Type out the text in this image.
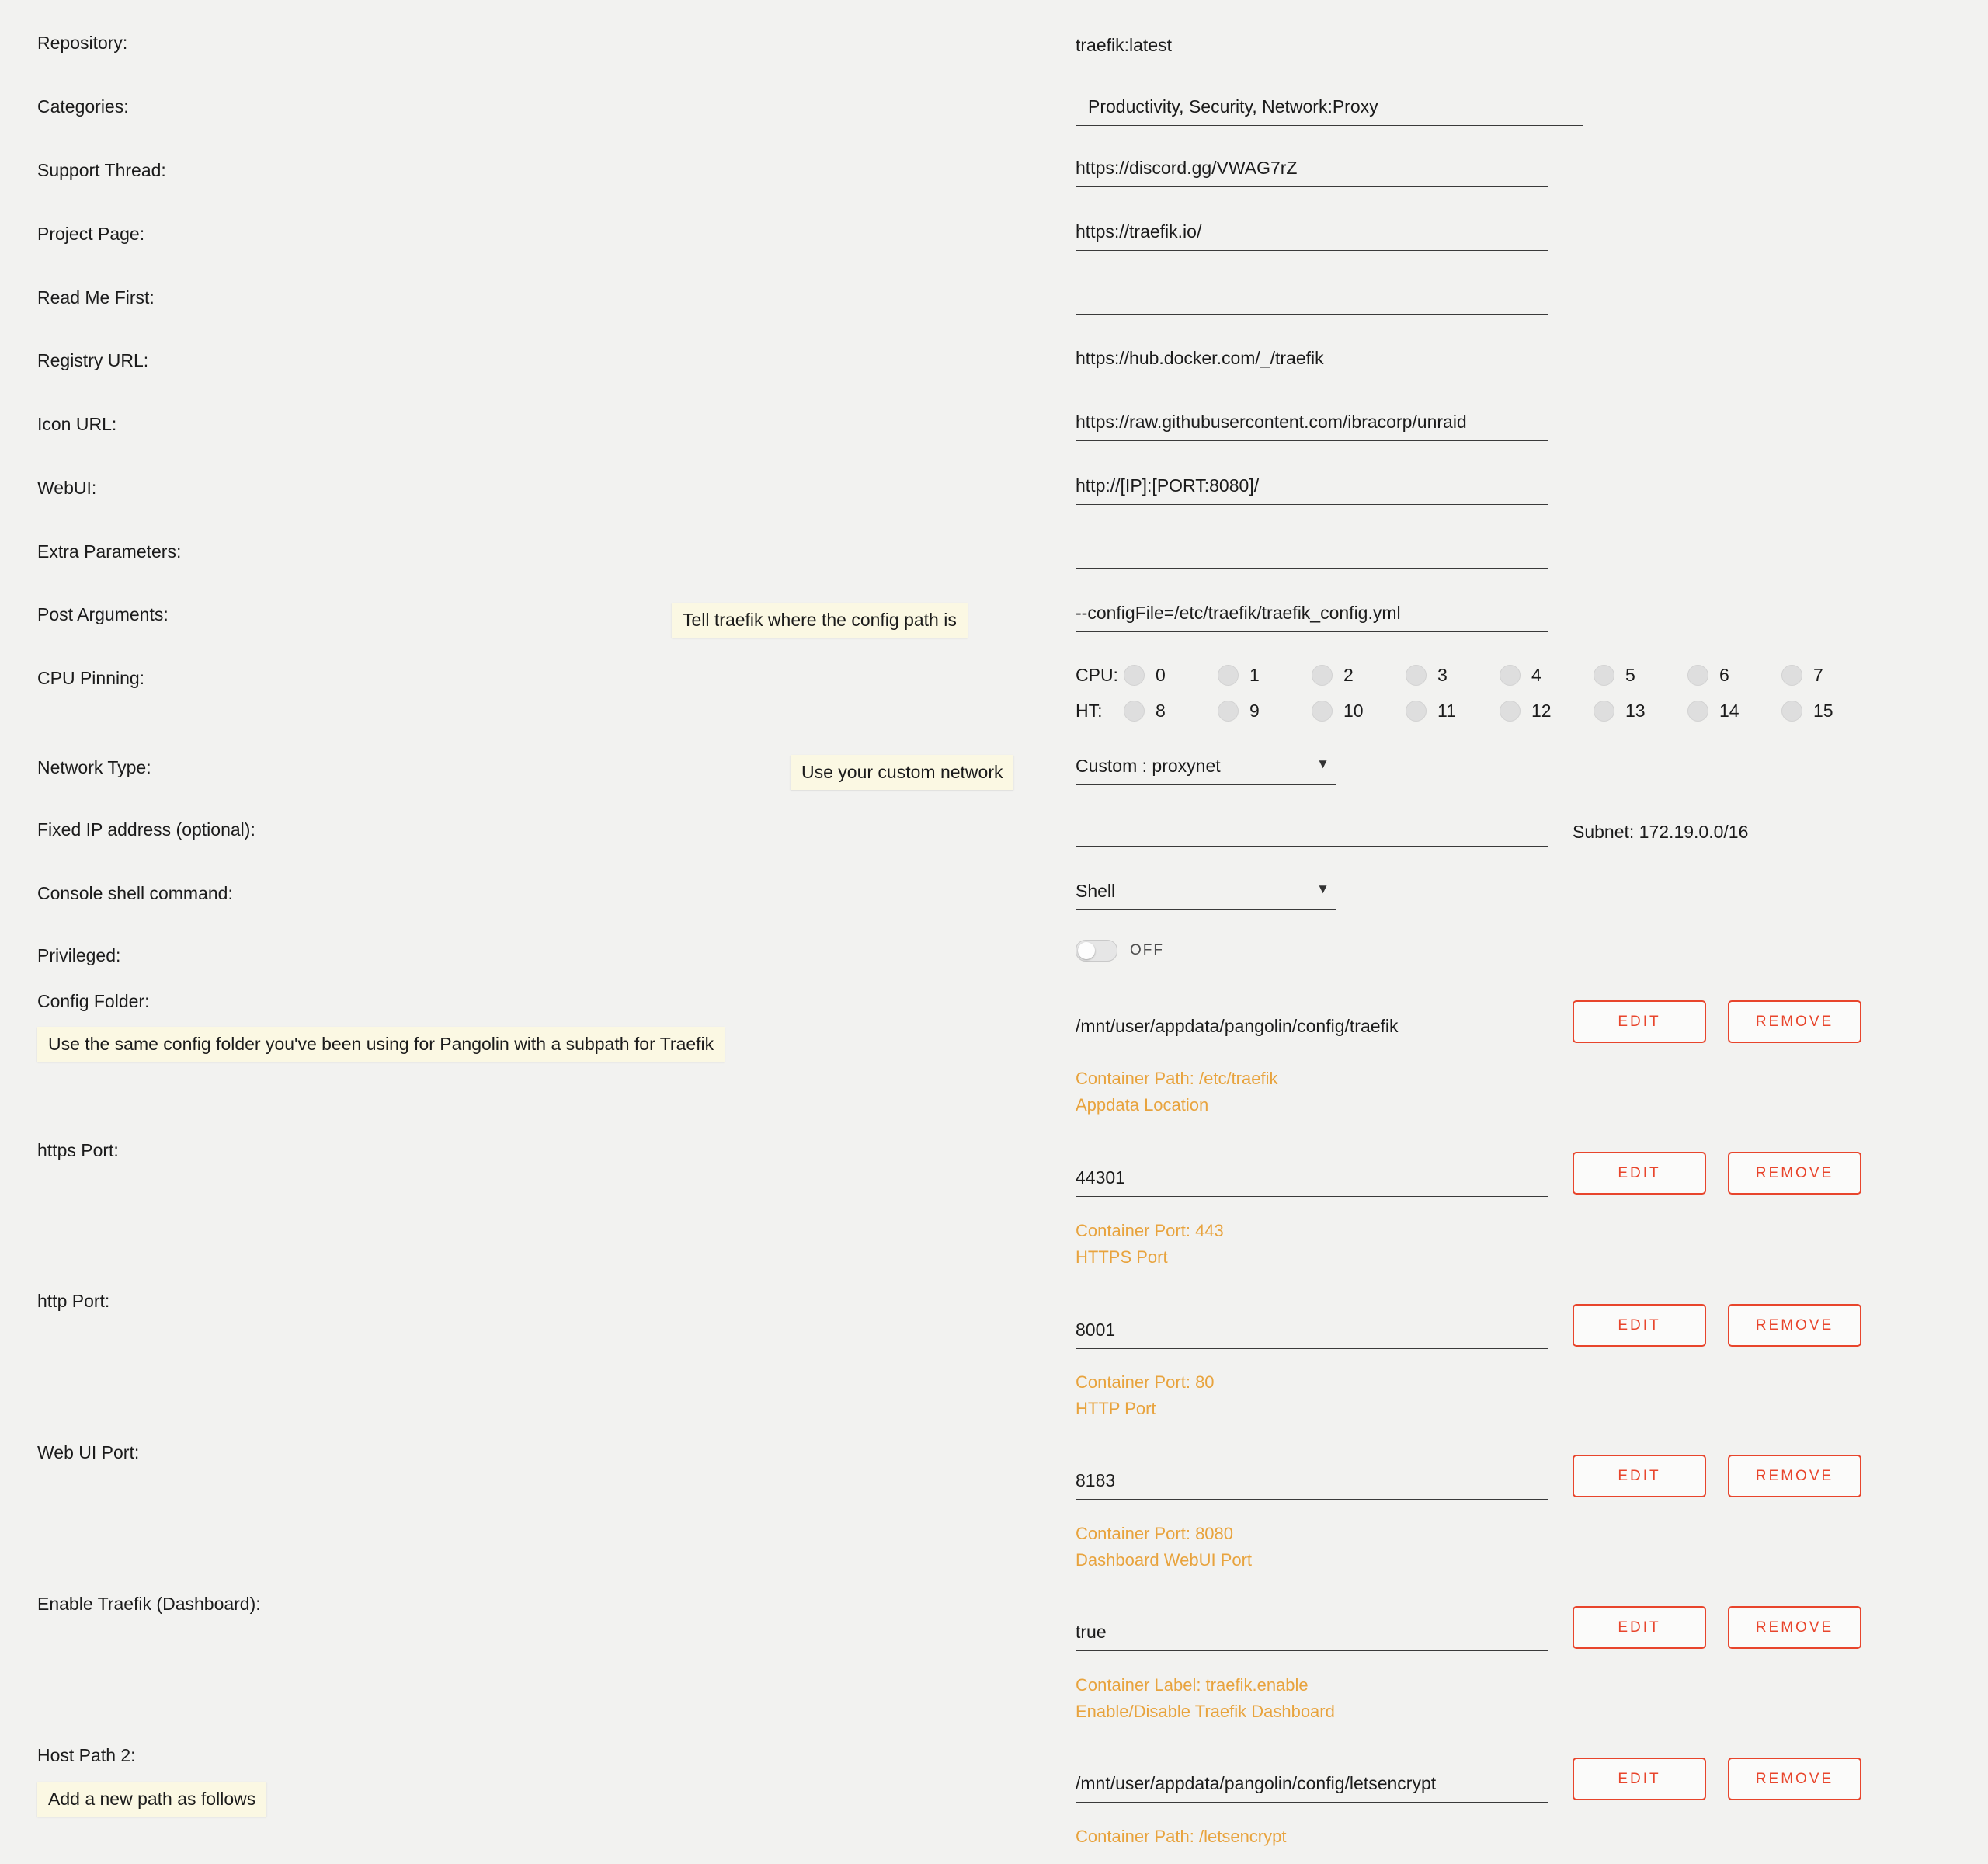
Repository:	traefik:latest
Categories:	Productivity, Security, Network:Proxy
Support Thread:	https://discord.gg/VWAG7rZ
Project Page:	https://traefik.io/
Read Me First:

Registry URL:	https://hub.docker.com/_/traefik
Icon URL:	https://raw.githubusercontent.com/ibracorp/unraid
WebUI:	http://[IP]:[PORT:8080]/
Extra Parameters:

Post Arguments:	Tell traefik where the config path is	--configFile=/etc/traefik/traefik_config.yml
CPU Pinning:	CPU:	0	1	2	3	4	5	6	7
HT:	8	9	10	11	12	13	14	15
Network Type:	Use your custom network	Custom : proxynet	▼
Fixed IP address (optional):
	Subnet: 172.19.0.0/16
Console shell command:	Shell	▼
Privileged:	OFF
Config Folder:
Use the same config folder you've been using for Pangolin with a subpath for Traefik
/mnt/user/appdata/pangolin/config/traefik	EDIT	REMOVE
Container Path: /etc/traefik
Appdata Location
https Port:
44301	EDIT	REMOVE
Container Port: 443
HTTPS Port
http Port:
8001	EDIT	REMOVE
Container Port: 80
HTTP Port
Web UI Port:
8183	EDIT	REMOVE
Container Port: 8080
Dashboard WebUI Port
Enable Traefik (Dashboard):
true	EDIT	REMOVE
Container Label: traefik.enable
Enable/Disable Traefik Dashboard
Host Path 2:
Add a new path as follows
/mnt/user/appdata/pangolin/config/letsencrypt	EDIT	REMOVE
Container Path: /letsencrypt
